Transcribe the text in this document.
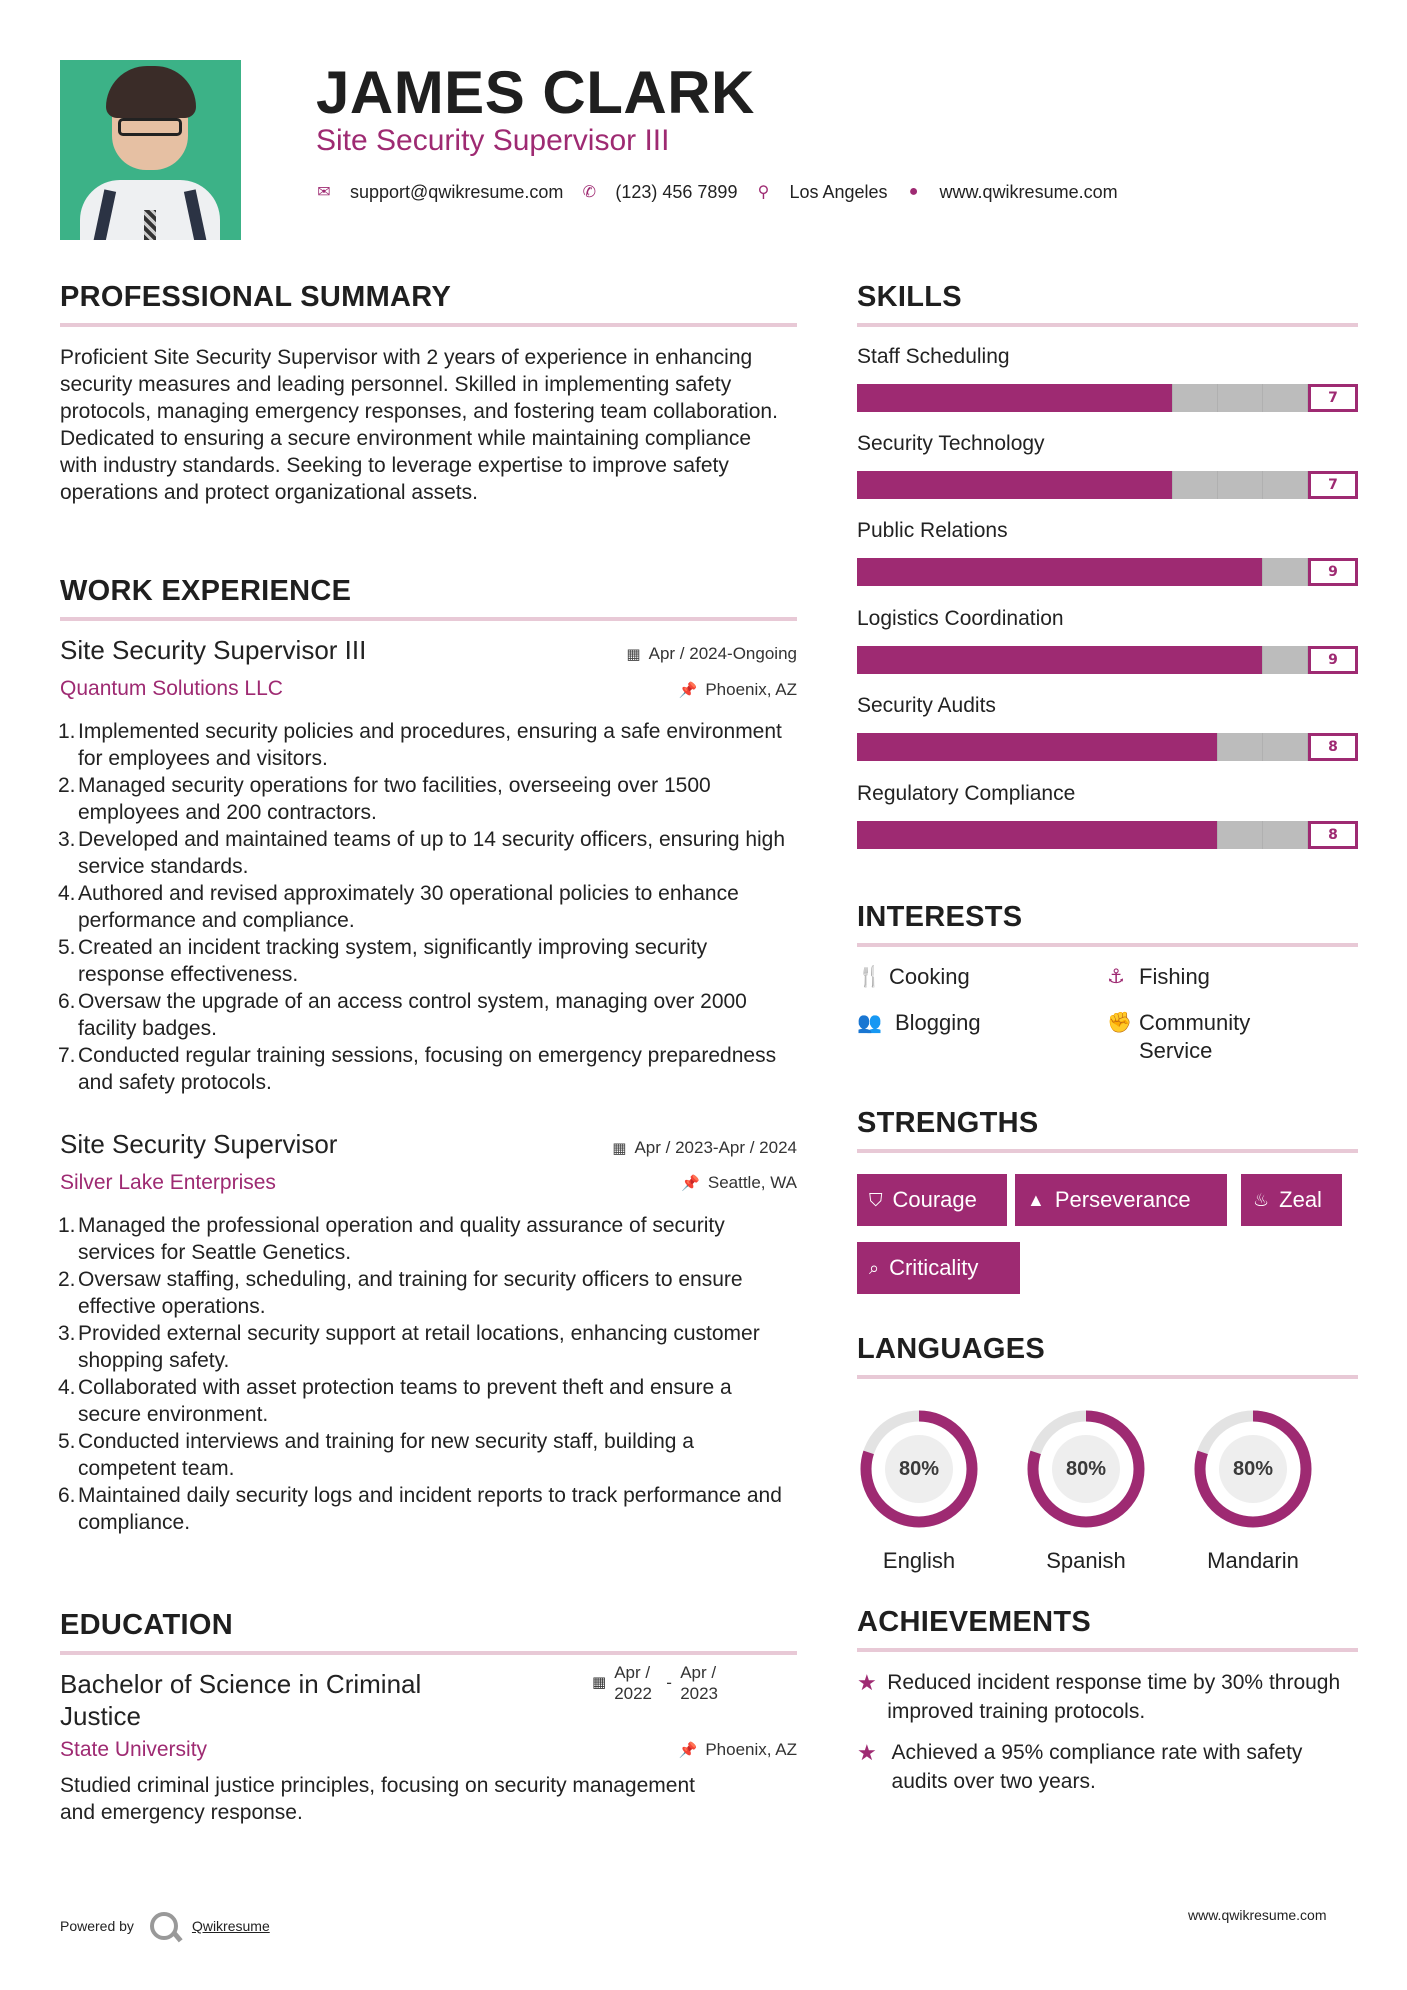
JAMES CLARK
Site Security Supervisor III
✉ support@qwikresume.com ✆ (123) 456 7899 ⚲ Los Angeles ● www.qwikresume.com
PROFESSIONAL SUMMARY
Proficient Site Security Supervisor with 2 years of experience in enhancing security measures and leading personnel. Skilled in implementing safety protocols, managing emergency responses, and fostering team collaboration. Dedicated to ensuring a secure environment while maintaining compliance with industry standards. Seeking to leverage expertise to improve safety operations and protect organizational assets.
WORK EXPERIENCE
Site Security Supervisor III	▦ Apr / 2024-Ongoing
Quantum Solutions LLC	📌 Phoenix, AZ
1. Implemented security policies and procedures, ensuring a safe environment for employees and visitors.
2. Managed security operations for two facilities, overseeing over 1500 employees and 200 contractors.
3. Developed and maintained teams of up to 14 security officers, ensuring high service standards.
4. Authored and revised approximately 30 operational policies to enhance performance and compliance.
5. Created an incident tracking system, significantly improving security response effectiveness.
6. Oversaw the upgrade of an access control system, managing over 2000 facility badges.
7. Conducted regular training sessions, focusing on emergency preparedness and safety protocols.
Site Security Supervisor	▦ Apr / 2023-Apr / 2024
Silver Lake Enterprises	📌 Seattle, WA
1. Managed the professional operation and quality assurance of security services for Seattle Genetics.
2. Oversaw staffing, scheduling, and training for security officers to ensure effective operations.
3. Provided external security support at retail locations, enhancing customer shopping safety.
4. Collaborated with asset protection teams to prevent theft and ensure a secure environment.
5. Conducted interviews and training for new security staff, building a competent team.
6. Maintained daily security logs and incident reports to track performance and compliance.
EDUCATION
Bachelor of Science in Criminal Justice
▦
Apr / 2022
-
Apr / 2023
State University	📌 Phoenix, AZ
Studied criminal justice principles, focusing on security management and emergency response.
SKILLS
Staff Scheduling
7
Security Technology
7
Public Relations
9
Logistics Coordination
9
Security Audits
8
Regulatory Compliance
8
INTERESTS
🍴 Cooking	⚓ Fishing
👥 Blogging	✊ Community Service
STRENGTHS
⛉ Courage	▲ Perseverance	♨ Zeal
⌕ Criticality
LANGUAGES
80%
English
80%
Spanish
80%
Mandarin
ACHIEVEMENTS
★ Reduced incident response time by 30% through improved training protocols.
★ Achieved a 95% compliance rate with safety audits over two years.
Powered by	Qwikresume
www.qwikresume.com
